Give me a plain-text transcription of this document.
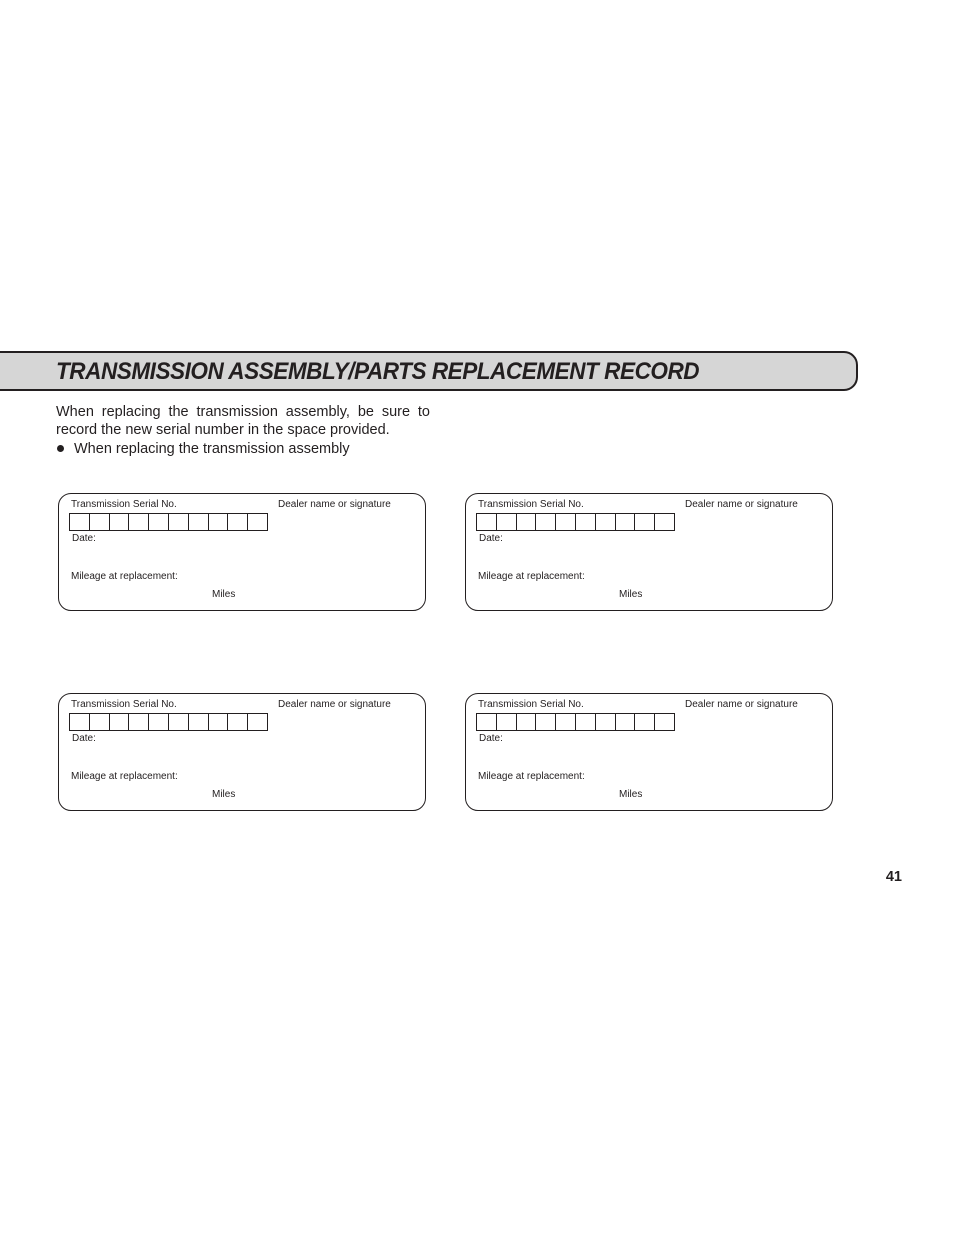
TRANSMISSION ASSEMBLY/PARTS REPLACEMENT RECORD

When replacing the transmission assembly, be sure to record the new serial number in the space provided.

When replacing the transmission assembly
Transmission Serial No.	Dealer name or signature
Date:
Mileage at replacement:
Miles
Transmission Serial No.	Dealer name or signature
Date:
Mileage at replacement:
Miles
Transmission Serial No.	Dealer name or signature
Date:
Mileage at replacement:
Miles
Transmission Serial No.	Dealer name or signature
Date:
Mileage at replacement:
Miles
41
